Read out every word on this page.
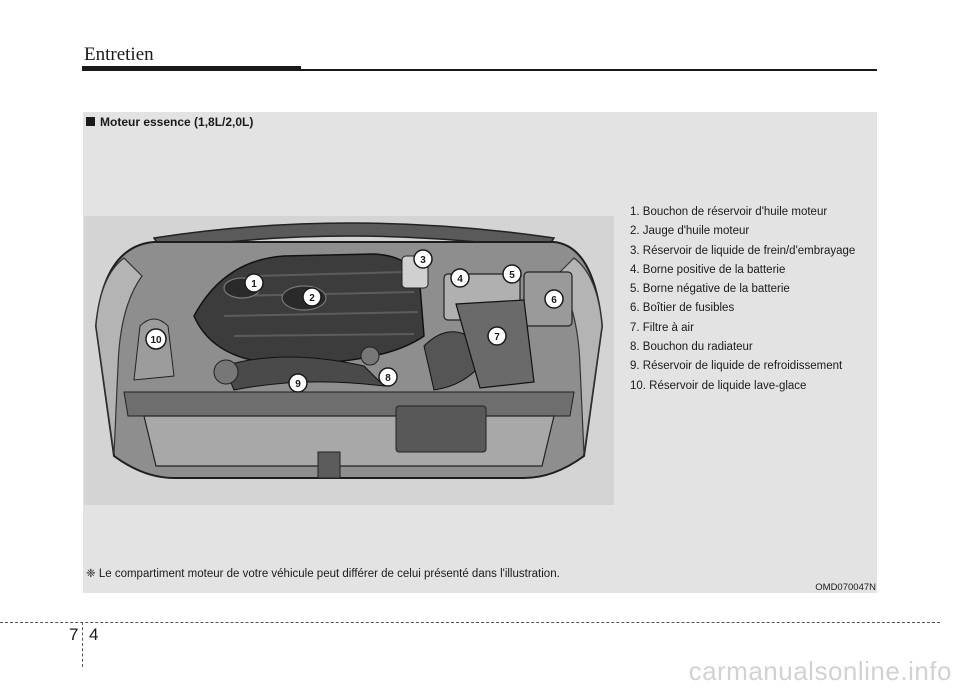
Entretien
Moteur essence (1,8L/2,0L)
1
2
3
4	5
6
7
8
9
10
1. Bouchon de réservoir d'huile moteur
2. Jauge d'huile moteur
3. Réservoir de liquide de frein/d'embrayage
4. Borne positive de la batterie
5. Borne négative de la batterie
6. Boîtier de fusibles
7. Filtre à air
8. Bouchon du radiateur
9. Réservoir de liquide de refroidissement
10. Réservoir de liquide lave-glace
❈ Le compartiment moteur de votre véhicule peut différer de celui présenté dans l'illustration.
OMD070047N
7 4
carmanualsonline.info
